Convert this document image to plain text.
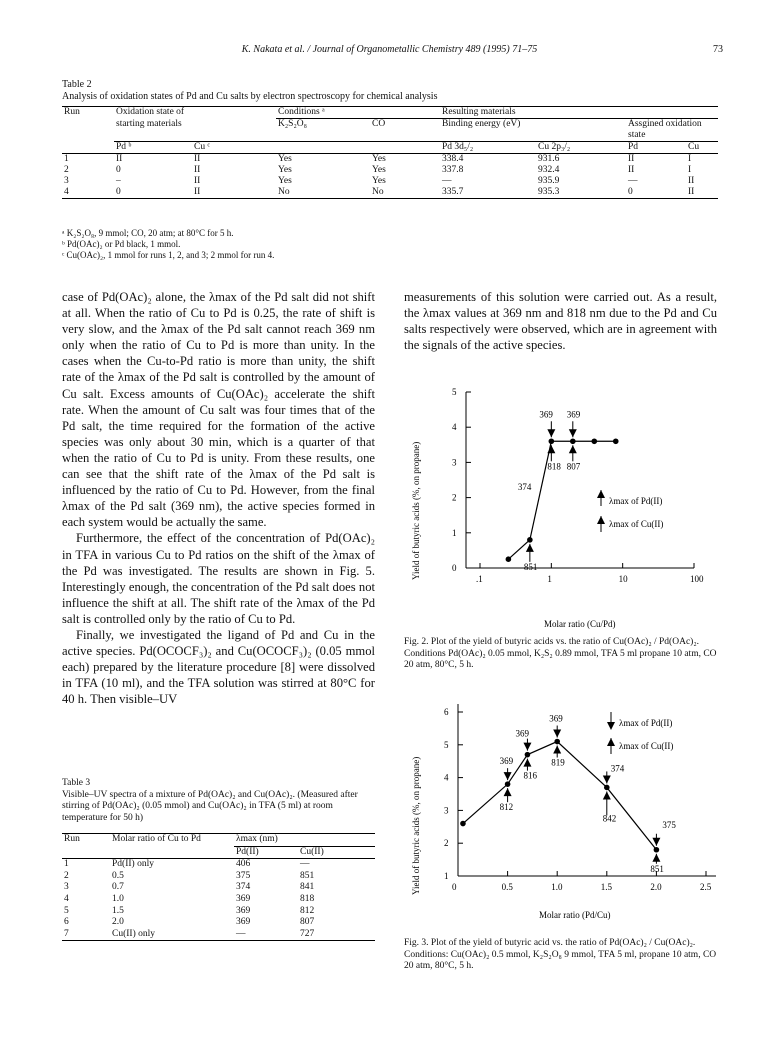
K. Nakata et al. / Journal of Organometallic Chemistry 489 (1995) 71–75	73
Table 2
Analysis of oxidation states of Pd and Cu salts by electron spectroscopy for chemical analysis
Run	Oxidation state of		Conditions ᵃ		Resulting materials			
	starting materials		K₂S₂O₈	CO	Binding energy (eV)		Assgined oxidation state	
	Pd ᵇ	Cu ᶜ			Pd 3d₅/₂	Cu 2p₃/₂	Pd	Cu
1	II	II	Yes	Yes	338.4	931.6	II	I
2	0	II	Yes	Yes	337.8	932.4	II	I
3	–	II	Yes	Yes	—	935.9	—	II
4	0	II	No	No	335.7	935.3	0	II
ᵃ K₂S₂O₈, 9 mmol; CO, 20 atm; at 80°C for 5 h.
ᵇ Pd(OAc)₂ or Pd black, 1 mmol.
ᶜ Cu(OAc)₂, 1 mmol for runs 1, 2, and 3; 2 mmol for run 4.
case of Pd(OAc)₂ alone, the λmax of the Pd salt did not shift at all. When the ratio of Cu to Pd is 0.25, the rate of shift is very slow, and the λmax of the Pd salt cannot reach 369 nm only when the ratio of Cu to Pd is more than unity. In the cases when the Cu-to-Pd ratio is more than unity, the shift rate of the λmax of the Pd salt is controlled by the amount of Cu salt. Excess amounts of Cu(OAc)₂ accelerate the shift rate. When the amount of Cu salt was four times that of the Pd salt, the time required for the formation of the active species was only about 30 min, which is a quarter of that when the ratio of Cu to Pd is unity. From these results, one can see that the shift rate of the λmax of the Pd salt is influenced by the ratio of Cu to Pd. However, from the final λmax of the Pd salt (369 nm), the active species formed in each system would be actually the same.
Furthermore, the effect of the concentration of Pd(OAc)₂ in TFA in various Cu to Pd ratios on the shift of the λmax of the Pd was investigated. The results are shown in Fig. 5. Interestingly enough, the concentration of the Pd salt does not influence the shift at all. The shift rate of the λmax of the Pd salt is controlled only by the ratio of Cu to Pd.
Finally, we investigated the ligand of Pd and Cu in the active species. Pd(OCOCF₃)₂ and Cu(OCOCF₃)₂ (0.05 mmol each) prepared by the literature procedure [8] were dissolved in TFA (10 ml), and the TFA solution was stirred at 80°C for 40 h. Then visible–UV
measurements of this solution were carried out. As a result, the λmax values at 369 nm and 818 nm due to the Pd and Cu salts respectively were observed, which are in agreement with the signals of the active species.
Table 3
Visible–UV spectra of a mixture of Pd(OAc)₂ and Cu(OAc)₂. (Measured after stirring of Pd(OAc)₂ (0.05 mmol) and Cu(OAc)₂ in TFA (5 ml) at room temperature for 50 h)
Run	Molar ratio of Cu to Pd	λmax (nm)	
		Pd(II)	Cu(II)
1	Pd(II) only	406	—
2	0.5	375	851
3	0.7	374	841
4	1.0	369	818
5	1.5	369	812
6	2.0	369	807
7	Cu(II) only	—	727
Yield of butyric acids (%, on propane)
Molar ratio (Cu/Pd)
0
1
2
3
4
5
.1	1	10	100
851
374
818 807
369 369
λmax of Pd(II)
λmax of Cu(II)
Fig. 2. Plot of the yield of butyric acids vs. the ratio of Cu(OAc)₂ / Pd(OAc)₂. Conditions Pd(OAc)₂ 0.05 mmol, K₂S₂ 0.89 mmol, TFA 5 ml propane 10 atm, CO 20 atm, 80°C, 5 h.
Yield of butyric acids (%, on propane)
Molar ratio (Pd/Cu)
1
2
3
4
5
6
0	0.5	1.0	1.5	2.0	2.5
812
816
369
369
819
369
374
842
375
851
λmax of Pd(II)
λmax of Cu(II)
Fig. 3. Plot of the yield of butyric acid vs. the ratio of Pd(OAc)₂ / Cu(OAc)₂. Conditions: Cu(OAc)₂ 0.5 mmol, K₂S₂O₈ 9 mmol, TFA 5 ml, propane 10 atm, CO 20 atm, 80°C, 5 h.
